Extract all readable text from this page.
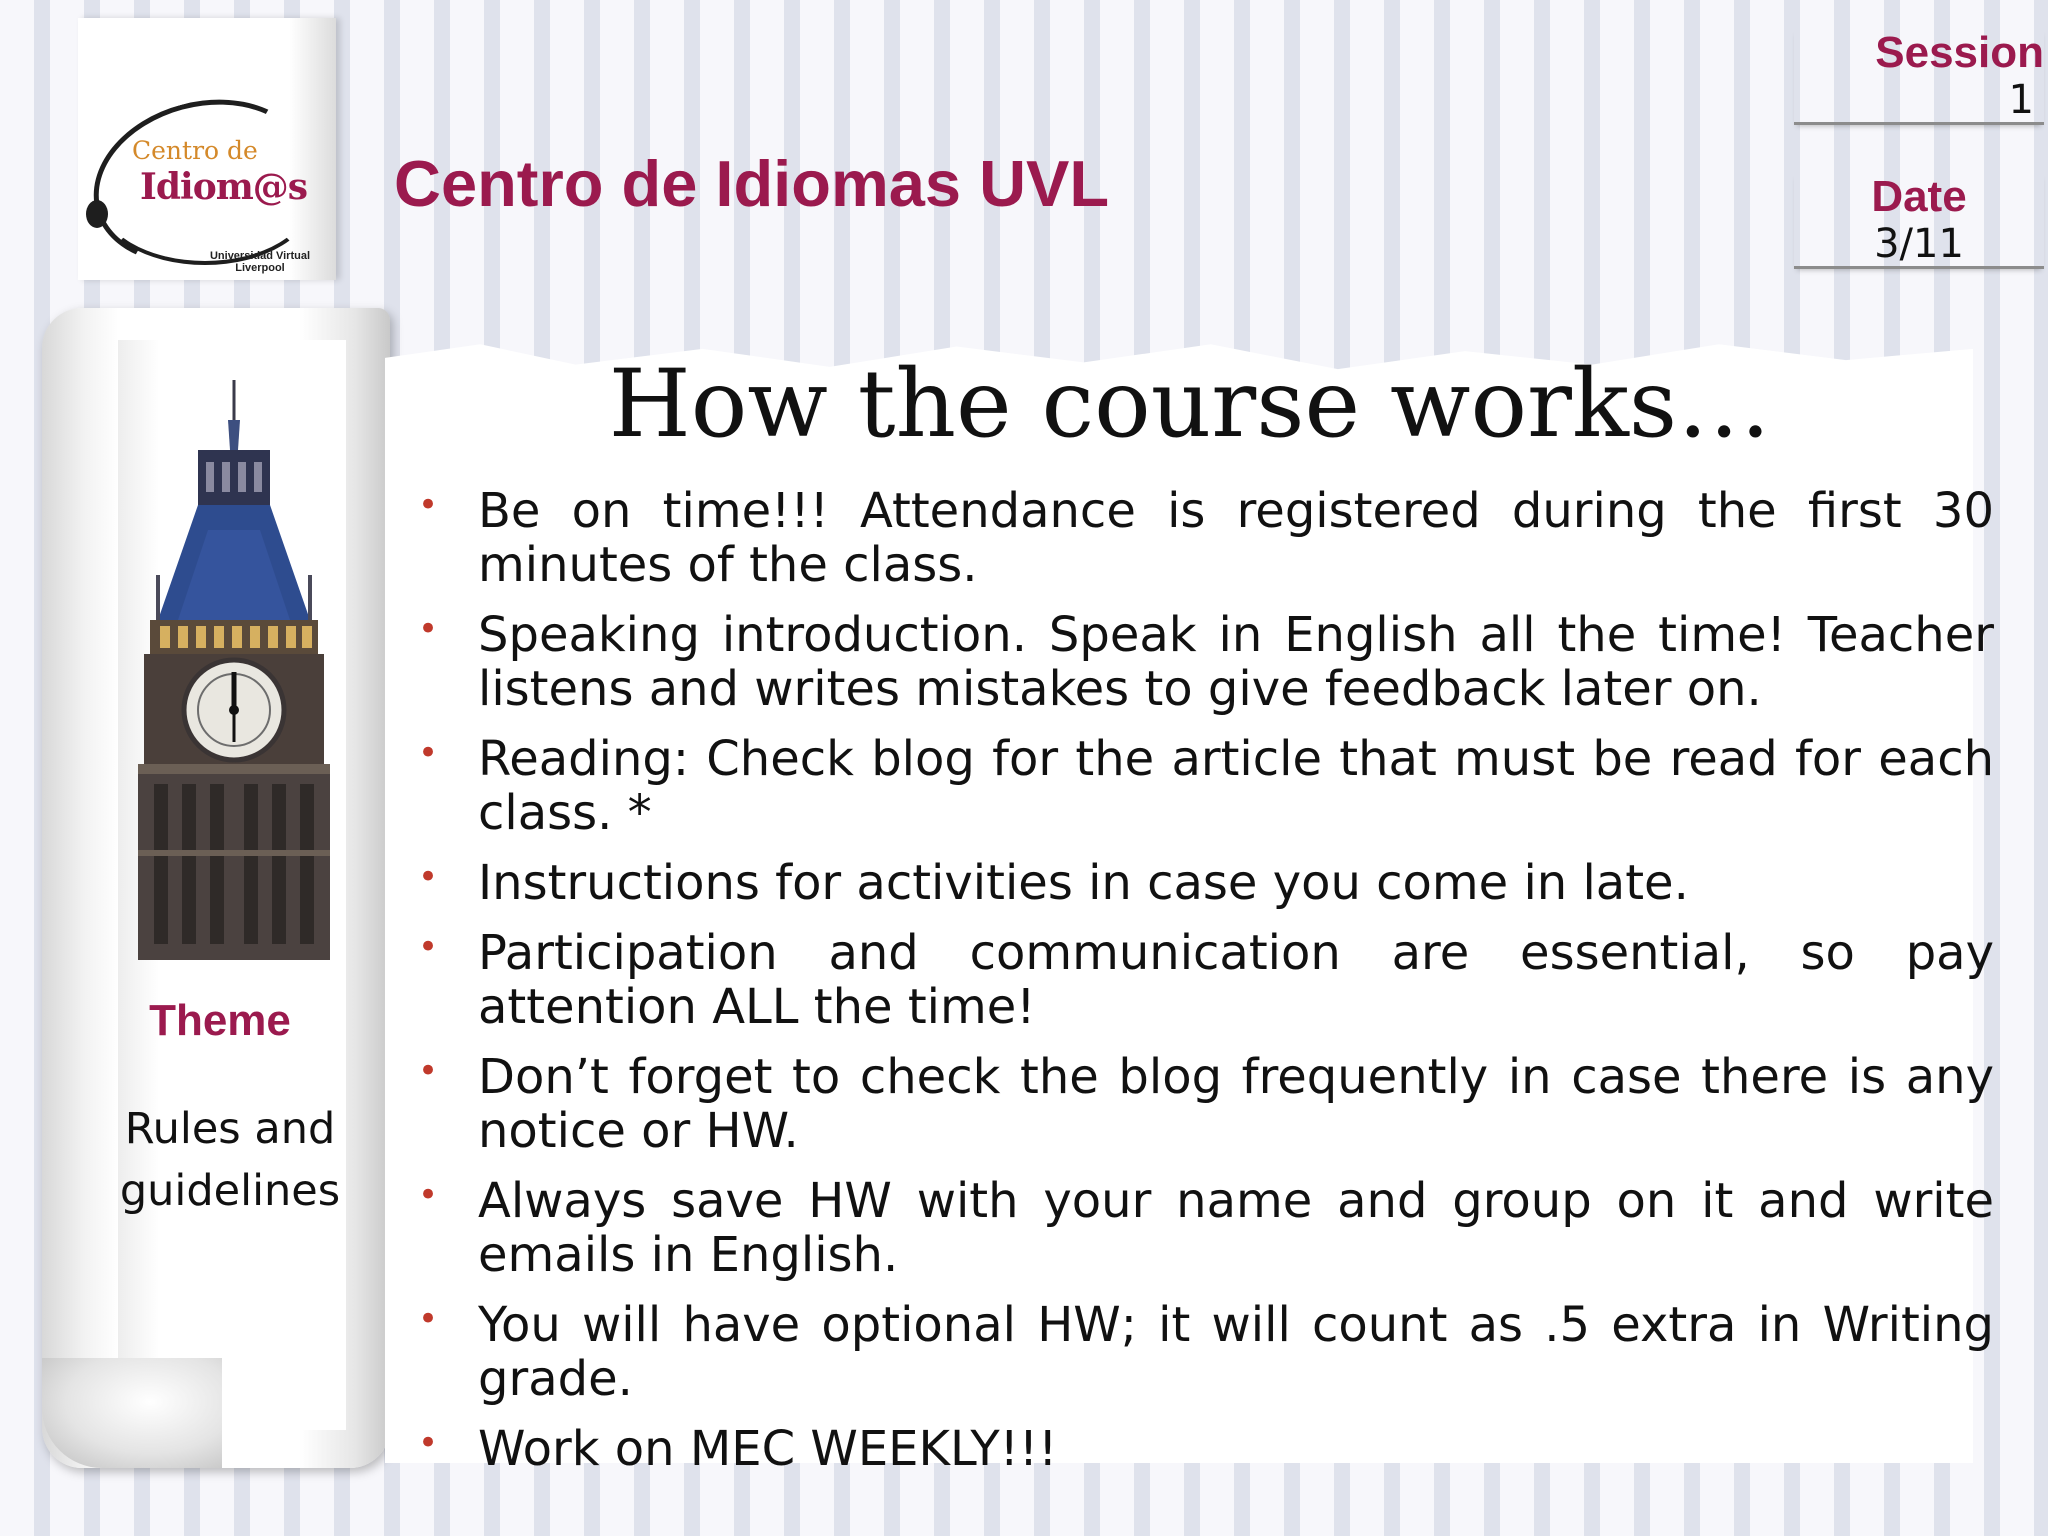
Centro de
Idiom@s
Universidad Virtual Liverpool
Centro de Idiomas UVL
Session
1
Date
3/11
Theme
Rules and guidelines
How the course works…
• Be on time!!! Attendance is registered during the first 30 minutes of the class.
• Speaking introduction. Speak in English all the time! Teacher listens and writes mistakes to give feedback later on.
• Reading: Check blog for the article that must be read for each class. *
• Instructions for activities in case you come in late.
• Participation and communication are essential, so pay attention ALL the time!
• Don’t forget to check the blog frequently in case there is any notice or HW.
• Always save HW with your name and group on it and write emails in English.
• You will have optional HW; it will count as .5 extra in Writing grade.
• Work on MEC WEEKLY!!!
